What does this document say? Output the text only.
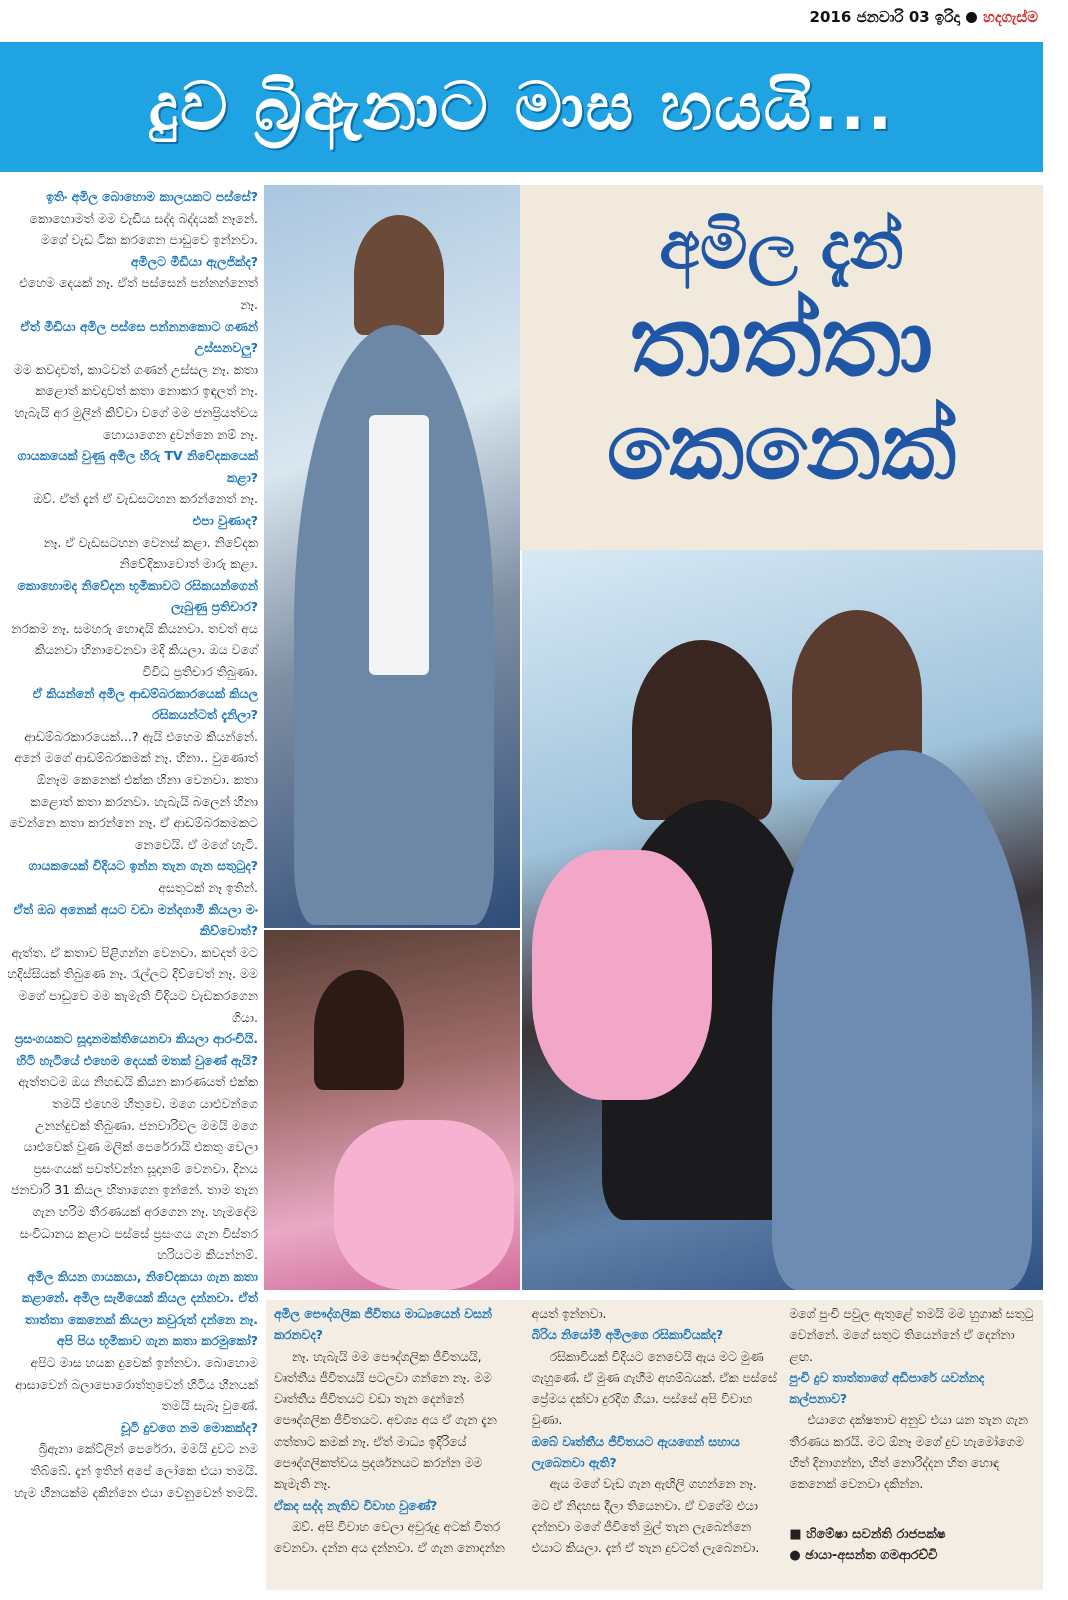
2016 ජනවාරි 03 ඉරිදා හදගැස්ම
දුව බ්‍රිඇනාට මාස හයයි...
ඉතිං අමිල බොහොම කාලයකට පස්සේ?
කොහොමත් මම වැඩිය සද්ද බද්දයක් නෑනේ. මගේ වැඩ ටික කරගෙන පාඩුවෙ ඉන්නවා.
අමිලට මීඩියා ඇලජික්ද?
එහෙම දෙයක් නෑ. ඒත් පස්සෙන් පන්නන්නෙත් නෑ.
ඒත් මීඩියා අමිල පස්සෙ පන්නනකොට ගණන් උස්සනවලු?
මම කවදාවත්, කාටවත් ගණන් උස්සල නෑ. කතා කළොත් කවදාවත් කතා නොකර ඉඳලත් නෑ. හැබැයි අර මුලින් කිව්වා වගේ මම ජනප්‍රියත්වය හොයාගෙන දුවන්නෙ නම් නෑ.
ගායකයෙක් වුණු අමිල හිරු TV නිවේදකයෙක් කළා?
ඔව්. ඒත් දැන් ඒ වැඩසටහන කරන්නෙත් නෑ.
එපා වුණාද?
නෑ. ඒ වැඩසටහන වෙනස් කළා. නිවේදක නිවේදිකාවොත් මාරු කළා.
කොහොමද නිවේදන භූමිකාවට රසිකයන්ගෙන් ලැබුණු ප්‍රතිචාර?
නරකම නෑ. සමහරු හොඳයි කියනවා. තවත් අය කියනවා හිනාවෙනවා මදි කියලා. ඔය වගේ විවිධ ප්‍රතිචාර තිබුණා.
ඒ කියන්නේ අමිල ආඩම්බරකාරයෙක් කියල රසිකයන්ටත් දැනිලා?
ආඩම්බරකාරයෙක්...? ඇයි එහෙම කියන්නේ. අනේ මගේ ආඩම්බරකමක් නෑ. හිනා.. වුණොත් ඕනෑම කෙනෙක් එක්ක හිනා වෙනවා. කතා කළොත් කතා කරනවා. හැබැයි බලෙන් හිනා වෙන්නෙ කතා කරන්නෙ නෑ. ඒ ආඩම්බරකමකට නෙවෙයි. ඒ මගේ හැටි.
ගායකයෙක් විදියට ඉන්න තැන ගැන සතුටුද?
අසතුටක් නෑ ඉතින්.
ඒත් ඔබ අනෙක් අයට වඩා මන්දගාමී කියලා මං කිව්වොත්?
ඇත්ත. ඒ කතාව පිළිගන්න වෙනවා. කවදත් මට හදිස්සියක් තිබුණෙ නෑ. රැල්ලට දිව්වෙත් නෑ. මම මගේ පාඩුවෙ මම කැමැති විදියට වැඩකරගෙන ගියා.
ප්‍රසංගයකට සූදානමක්තියෙනවා කියලා ආරංචියි. හිටි හැටියේ එහෙම දෙයක් මතක් වුණේ ඇයි?
ඇත්තටම ඔය නිහඬයි කියන කාරණයත් එක්ක තමයි එහෙම හිතුවෙ. මගෙ යාළුවන්ගෙ උනන්දුවක් තිබුණා. ජනවාරිවල මමයි මගෙ යාළුවෙක් වුණ මලික් පෙරේරායි එකතු වෙලා ප්‍රසංගයක් පවත්වන්න සූදානම් වෙනවා. දිනය ජනවාරි 31 කියල හිතාගෙන ඉන්නේ. තාම තැන ගැන හරිම තීරණයක් අරගෙන නෑ. හැමදේම සංවිධානය කළාට පස්සේ ප්‍රසංගය ගැන විස්තර හරියටම කියන්නම්.
අමිල කියන ගායකයා, නිවේදකයා ගැන කතා කළානේ. අමිල සැමියෙක් කියල දන්නවා. ඒත් තාත්තා කෙනෙක් කියලා කවුරුත් දන්නෙ නෑ. අපි පිය භූමිකාව ගැන කතා කරමුකෝ?
අපිට මාස හයක දුවෙක් ඉන්නවා. බොහොම ආසාවෙන් බලාපොරොත්තුවෙන් හිටිය හීනයක් තමයි සැබෑ වුණේ.
චූටි දුවගෙ නම මොකක්ද?
බ්‍රිඇනා කේට්ලින් පෙරේරා. මමයි දුවට නම තිබ්බේ. දැන් ඉතින් අපේ ලෝකෙ එයා තමයි. හැම හීනයක්ම දකින්නෙ එයා වෙනුවෙන් තමයි.
අමිල දැන්
තාත්තා
කෙනෙක්
අමිල පෞද්ගලික ජීවිතය මාධ්‍යයෙන් වසන් කරනවද?
නෑ. හැබැයි මම පෞද්ගලික ජීවිතයයි, වෘත්තීය ජීවිතයයි පටලවා ගන්නෙ නෑ. මම වෘත්තීය ජීවිතයට වඩා තැන දෙන්නේ පෞද්ගලික ජීවිතයට. අවශ්‍ය අය ඒ ගැන දැන ගත්තාට කමක් නෑ. ඒත් මාධ්‍ය ඉදිරියේ පෞද්ගලිකත්වය ප්‍රදර්ශනයට කරන්න මම කැමැති නෑ.
ඒකද සද්ද නැතිව විවාහ වුණේ?
ඔව්. අපි විවාහ වෙලා අවුරුදු අටක් විතර වෙනවා. දන්න අය දන්නවා. ඒ ගැන නොදන්න අයත් ඉන්නවා.
බිරිය නියෝමි අමිලගෙ රසිකාවියක්ද?
රසිකාවියක් විදියට නෙවෙයි ඇය මට මුණ ගැහුණේ. ඒ මුණ ගැහීම අහම්බයක්. ඒක පස්සේ ප්‍රේමය දක්වා දුරදිග ගියා. පස්සේ අපි විවාහ වුණා.
ඔබේ වෘත්තීය ජීවිතයට ඇයගෙන් සහාය ලැබෙනවා ඇති?
ඇය මගේ වැඩ ගැන ඇඟිලි ගහන්නෙ නෑ. මට ඒ නිදහස දීලා තියෙනවා. ඒ වගේම එයා දන්නවා මගේ ජීවිතේ මුල් තැන ලැබෙන්නෙ එයාට කියලා. දැන් ඒ තැන දුවටත් ලැබෙනවා. මගේ පුංචි පවුල ඇතුළේ තමයි මම හුගාක් සතුටු වෙන්නේ. මගේ සතුට තියෙන්නේ ඒ දෙන්නා ළඟ.
පුංචි දුව තාත්තාගේ අඩිපාරේ යවන්නද කල්පනාව?
එයාගෙ දක්ෂතාව අනුව එයා යන තැන ගැන තීරණය කරයි. මට ඕනෑ මගේ දුව හැමෝගෙම හිත් දිනාගන්න, හිත් නොරිද්දන හිත හොඳ කෙනෙක් වෙනවා දකින්න.
■ හිමේෂා සවන්ති රාජපක්ෂ
● ඡායා-අසන්ත ගමආරච්චි
